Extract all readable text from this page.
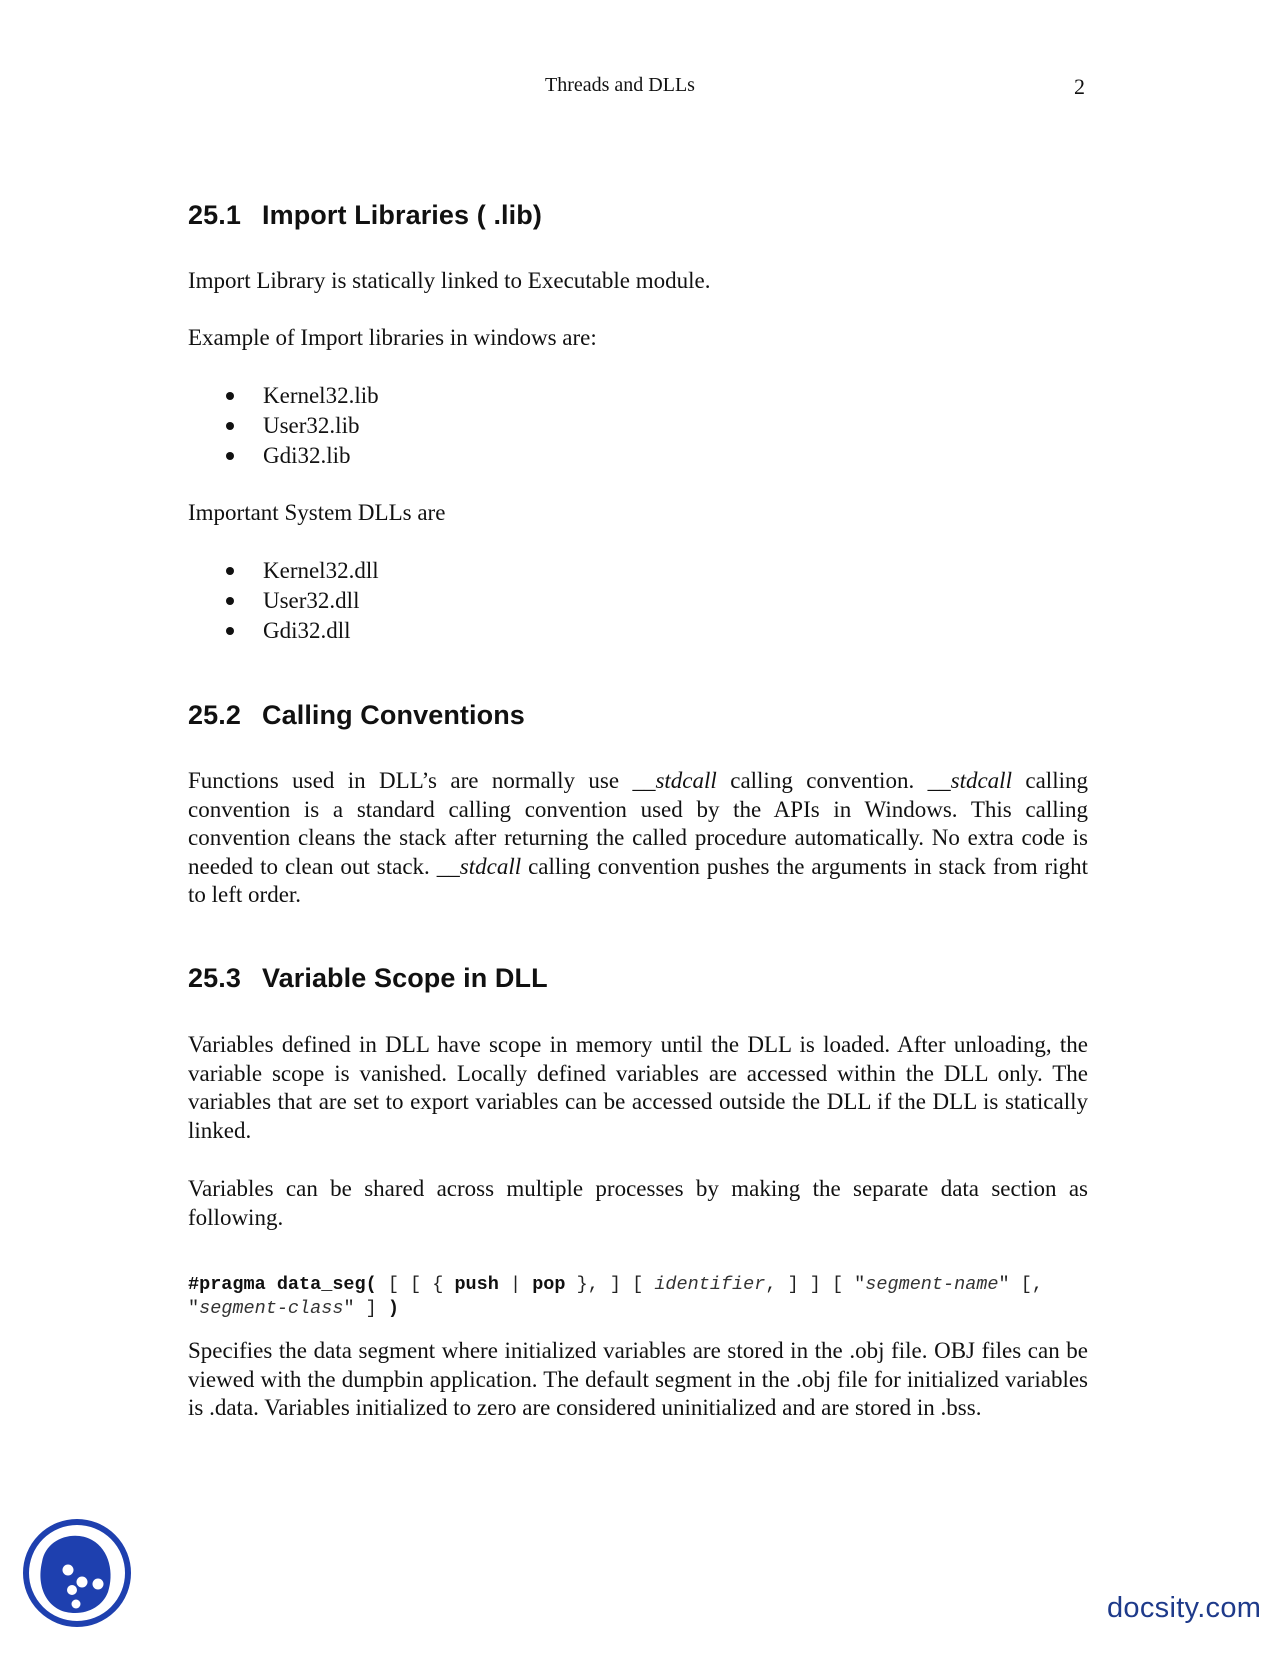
Threads and DLLs	2
25.1 Import Libraries ( .lib)

Import Library is statically linked to Executable module.

Example of Import libraries in windows are:

Kernel32.lib
User32.lib
Gdi32.lib

Important System DLLs are

Kernel32.dll
User32.dll
Gdi32.dll
25.2 Calling Conventions

Functions used in DLL’s are normally use __stdcall calling convention. __stdcall calling convention is a standard calling convention used by the APIs in Windows. This calling convention cleans the stack after returning the called procedure automatically. No extra code is needed to clean out stack. __stdcall calling convention pushes the arguments in stack from right to left order.

25.3 Variable Scope in DLL

Variables defined in DLL have scope in memory until the DLL is loaded. After unloading, the variable scope is vanished. Locally defined variables are accessed within the DLL only. The variables that are set to export variables can be accessed outside the DLL if the DLL is statically linked.

Variables can be shared across multiple processes by making the separate data section as following.

#pragma data_seg( [ [ { push | pop }, ] [ identifier, ] ] [ ″segment-name" [, "segment-class" ] )

Specifies the data segment where initialized variables are stored in the .obj file. OBJ files can be viewed with the dumpbin application. The default segment in the .obj file for initialized variables is .data. Variables initialized to zero are considered uninitialized and are stored in .bss.

docsity.com
